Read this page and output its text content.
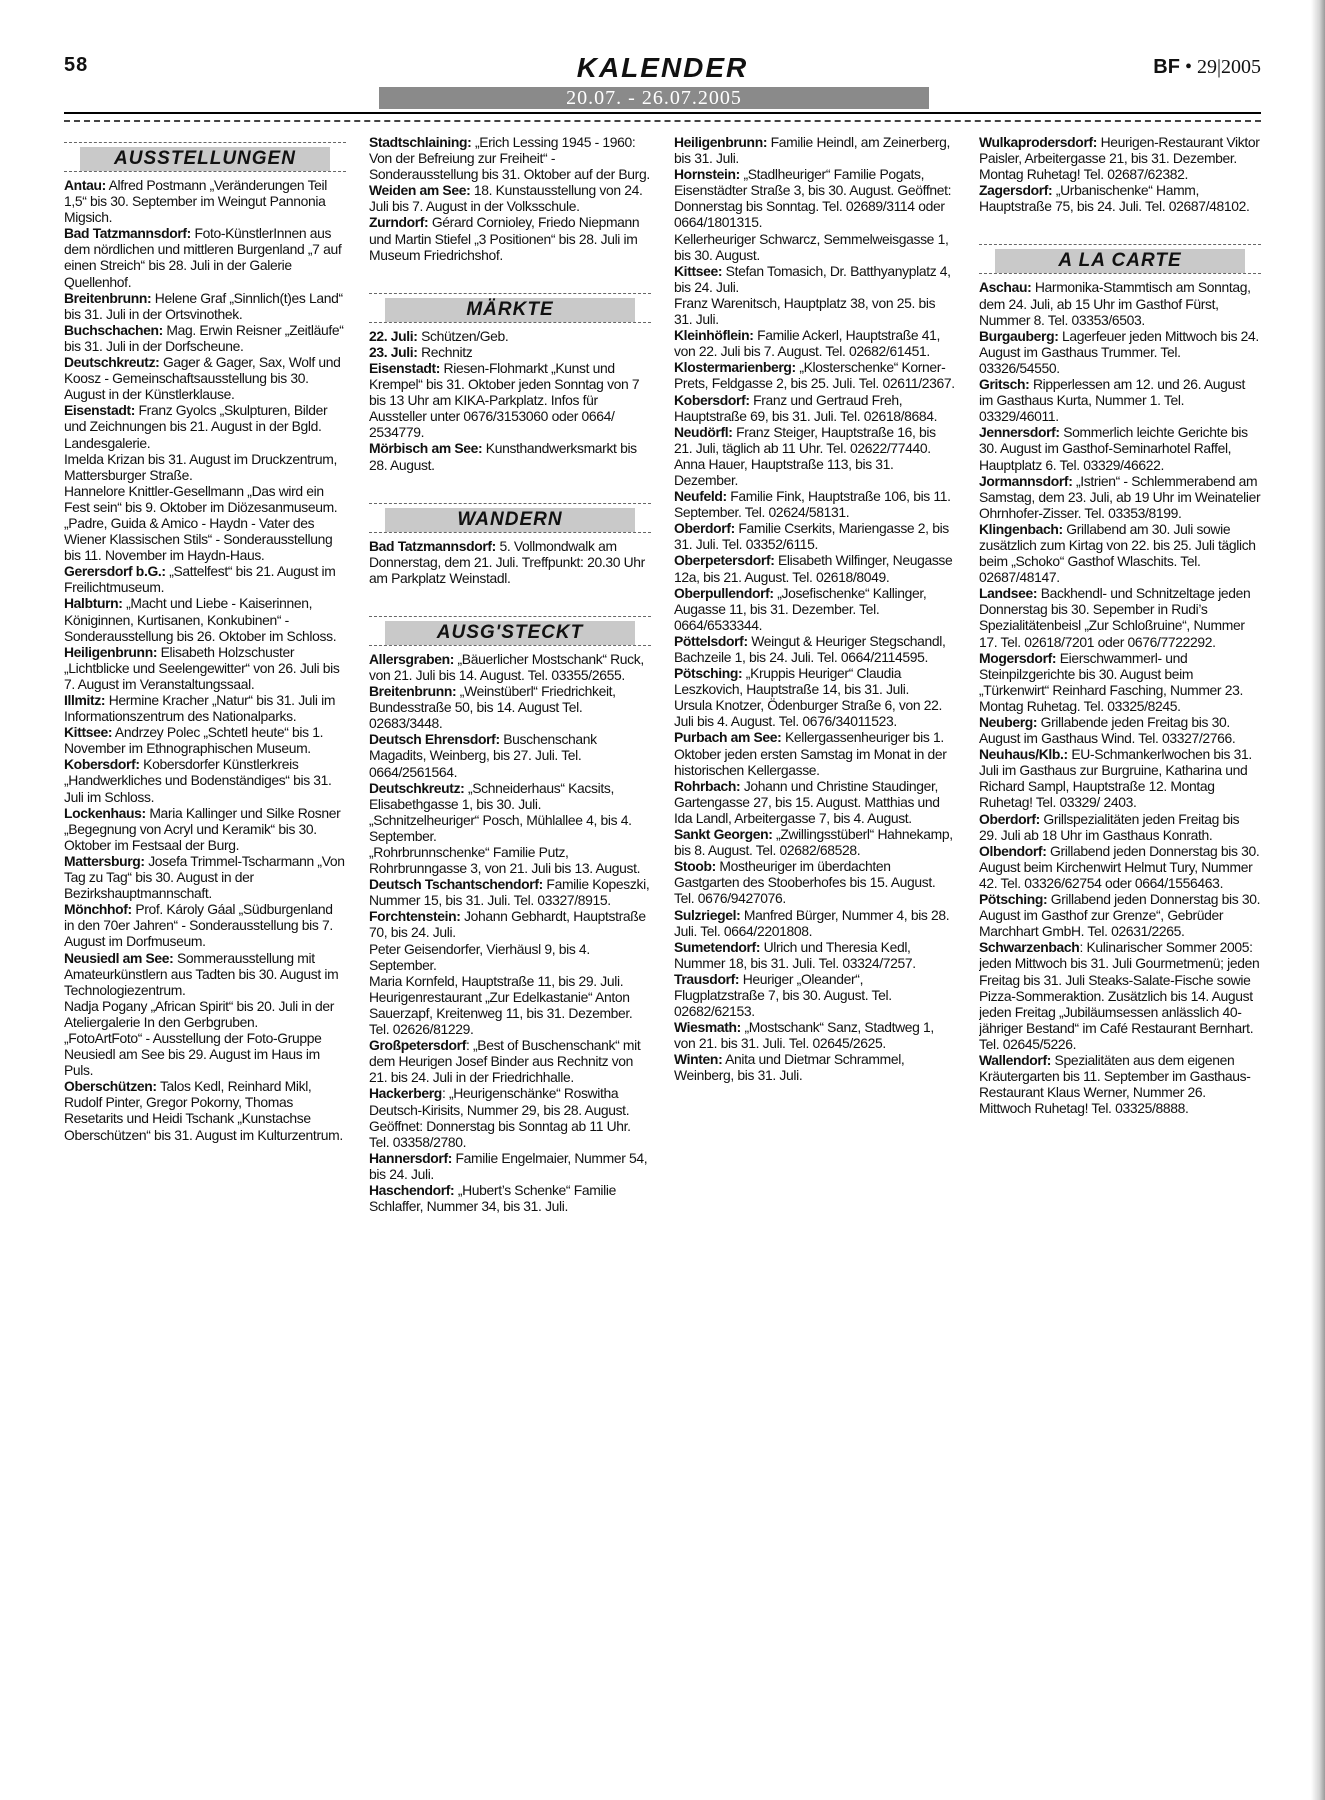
58	KALENDER	BF • 29|2005
20.07. - 26.07.2005
AUSSTELLUNGEN

Antau: Alfred Postmann „Veränderungen Teil 1,5“ bis 30. September im Weingut Pannonia Migsich.

Bad Tatzmannsdorf: Foto-KünstlerInnen aus dem nördlichen und mittleren Burgenland „7 auf einen Streich“ bis 28. Juli in der Galerie Quellenhof.

Breitenbrunn: Helene Graf „Sinnlich(t)es Land“ bis 31. Juli in der Ortsvinothek.

Buchschachen: Mag. Erwin Reisner „Zeitläufe“ bis 31. Juli in der Dorfscheune.

Deutschkreutz: Gager & Gager, Sax, Wolf und Koosz - Gemeinschaftsausstellung bis 30. August in der Künstlerklause.

Eisenstadt: Franz Gyolcs „Skulpturen, Bilder und Zeichnungen bis 21. August in der Bgld. Landesgalerie.

Imelda Krizan bis 31. August im Druckzentrum, Mattersburger Straße.

Hannelore Knittler-Gesellmann „Das wird ein Fest sein“ bis 9. Oktober im Diözesanmuseum.

„Padre, Guida & Amico - Haydn - Vater des Wiener Klassischen Stils“ - Sonderausstellung bis 11. November im Haydn-Haus.

Gerersdorf b.G.: „Sattelfest“ bis 21. August im Freilichtmuseum.

Halbturn: „Macht und Liebe - Kaiserinnen, Königinnen, Kurtisanen, Konkubinen“ - Sonderausstellung bis 26. Oktober im Schloss.

Heiligenbrunn: Elisabeth Holzschuster „Lichtblicke und Seelengewitter“ von 26. Juli bis 7. August im Veranstaltungssaal.

Illmitz: Hermine Kracher „Natur“ bis 31. Juli im Informationszentrum des Nationalparks.

Kittsee: Andrzey Polec „Schtetl heute“ bis 1. November im Ethnographischen Museum.

Kobersdorf: Kobersdorfer Künstlerkreis „Handwerkliches und Bodenständiges“ bis 31. Juli im Schloss.

Lockenhaus: Maria Kallinger und Silke Rosner „Begegnung von Acryl und Keramik“ bis 30. Oktober im Festsaal der Burg.

Mattersburg: Josefa Trimmel-Tscharmann „Von Tag zu Tag“ bis 30. August in der Bezirkshauptmannschaft.

Mönchhof: Prof. Károly Gáal „Südburgenland in den 70er Jahren“ - Sonderausstellung bis 7. August im Dorfmuseum.

Neusiedl am See: Sommerausstellung mit Amateurkünstlern aus Tadten bis 30. August im Technologiezentrum.

Nadja Pogany „African Spirit“ bis 20. Juli in der Ateliergalerie In den Gerbgruben.

„FotoArtFoto“ - Ausstellung der Foto-Gruppe Neusiedl am See bis 29. August im Haus im Puls.

Oberschützen: Talos Kedl, Reinhard Mikl, Rudolf Pinter, Gregor Pokorny, Thomas Resetarits und Heidi Tschank „Kunstachse Oberschützen“ bis 31. August im Kulturzentrum.

Stadtschlaining: „Erich Lessing 1945 - 1960: Von der Befreiung zur Freiheit“ - Sonderausstellung bis 31. Oktober auf der Burg.

Weiden am See: 18. Kunstausstellung von 24. Juli bis 7. August in der Volksschule.

Zurndorf: Gérard Cornioley, Friedo Niepmann und Martin Stiefel „3 Positionen“ bis 28. Juli im Museum Friedrichshof.

MÄRKTE

22. Juli: Schützen/Geb.

23. Juli: Rechnitz

Eisenstadt: Riesen-Flohmarkt „Kunst und Krempel“ bis 31. Oktober jeden Sonntag von 7 bis 13 Uhr am KIKA-Parkplatz. Infos für Aussteller unter 0676/3153060 oder 0664/ 2534779.

Mörbisch am See: Kunsthandwerksmarkt bis 28. August.

WANDERN

Bad Tatzmannsdorf: 5. Vollmondwalk am Donnerstag, dem 21. Juli. Treffpunkt: 20.30 Uhr am Parkplatz Weinstadl.

AUSG'STECKT

Allersgraben: „Bäuerlicher Mostschank“ Ruck, von 21. Juli bis 14. August. Tel. 03355/2655.

Breitenbrunn: „Weinstüberl“ Friedrichkeit, Bundesstraße 50, bis 14. August Tel. 02683/3448.

Deutsch Ehrensdorf: Buschenschank Magadits, Weinberg, bis 27. Juli. Tel. 0664/2561564.

Deutschkreutz: „Schneiderhaus“ Kacsits, Elisabethgasse 1, bis 30. Juli. „Schnitzelheuriger“ Posch, Mühlallee 4, bis 4. September.

„Rohrbrunnschenke“ Familie Putz, Rohrbrunngasse 3, von 21. Juli bis 13. August.

Deutsch Tschantschendorf: Familie Kopeszki, Nummer 15, bis 31. Juli. Tel. 03327/8915.

Forchtenstein: Johann Gebhardt, Hauptstraße 70, bis 24. Juli.

Peter Geisendorfer, Vierhäusl 9, bis 4. September.

Maria Kornfeld, Hauptstraße 11, bis 29. Juli.

Heurigenrestaurant „Zur Edelkastanie“ Anton Sauerzapf, Kreitenweg 11, bis 31. Dezember. Tel. 02626/81229.

Großpetersdorf: „Best of Buschenschank“ mit dem Heurigen Josef Binder aus Rechnitz von 21. bis 24. Juli in der Friedrichhalle.

Hackerberg: „Heurigenschänke“ Roswitha Deutsch-Kirisits, Nummer 29, bis 28. August. Geöffnet: Donnerstag bis Sonntag ab 11 Uhr. Tel. 03358/2780.

Hannersdorf: Familie Engelmaier, Nummer 54, bis 24. Juli.

Haschendorf: „Hubert’s Schenke“ Familie Schlaffer, Nummer 34, bis 31. Juli.

Heiligenbrunn: Familie Heindl, am Zeinerberg, bis 31. Juli.

Hornstein: „Stadlheuriger“ Familie Pogats, Eisenstädter Straße 3, bis 30. August. Geöffnet: Donnerstag bis Sonntag. Tel. 02689/3114 oder 0664/1801315.

Kellerheuriger Schwarcz, Semmelweisgasse 1, bis 30. August.

Kittsee: Stefan Tomasich, Dr. Batthyanyplatz 4, bis 24. Juli.

Franz Warenitsch, Hauptplatz 38, von 25. bis 31. Juli.

Kleinhöflein: Familie Ackerl, Hauptstraße 41, von 22. Juli bis 7. August. Tel. 02682/61451.

Klostermarienberg: „Klosterschenke“ Korner-Prets, Feldgasse 2, bis 25. Juli. Tel. 02611/2367.

Kobersdorf: Franz und Gertraud Freh, Hauptstraße 69, bis 31. Juli. Tel. 02618/8684.

Neudörfl: Franz Steiger, Hauptstraße 16, bis 21. Juli, täglich ab 11 Uhr. Tel. 02622/77440.

Anna Hauer, Hauptstraße 113, bis 31. Dezember.

Neufeld: Familie Fink, Hauptstraße 106, bis 11. September. Tel. 02624/58131.

Oberdorf: Familie Cserkits, Mariengasse 2, bis 31. Juli. Tel. 03352/6115.

Oberpetersdorf: Elisabeth Wilfinger, Neugasse 12a, bis 21. August. Tel. 02618/8049.

Oberpullendorf: „Josefischenke“ Kallinger, Augasse 11, bis 31. Dezember. Tel. 0664/6533344.

Pöttelsdorf: Weingut & Heuriger Stegschandl, Bachzeile 1, bis 24. Juli. Tel. 0664/2114595.

Pötsching: „Kruppis Heuriger“ Claudia Leszkovich, Hauptstraße 14, bis 31. Juli.

Ursula Knotzer, Ödenburger Straße 6, von 22. Juli bis 4. August. Tel. 0676/34011523.

Purbach am See: Kellergassenheuriger bis 1. Oktober jeden ersten Samstag im Monat in der historischen Kellergasse.

Rohrbach: Johann und Christine Staudinger, Gartengasse 27, bis 15. August. Matthias und Ida Landl, Arbeitergasse 7, bis 4. August.

Sankt Georgen: „Zwillingsstüberl“ Hahnekamp, bis 8. August. Tel. 02682/68528.

Stoob: Mostheuriger im überdachten Gastgarten des Stooberhofes bis 15. August. Tel. 0676/9427076.

Sulzriegel: Manfred Bürger, Nummer 4, bis 28. Juli. Tel. 0664/2201808.

Sumetendorf: Ulrich und Theresia Kedl, Nummer 18, bis 31. Juli. Tel. 03324/7257.

Trausdorf: Heuriger „Oleander“, Flugplatzstraße 7, bis 30. August. Tel. 02682/62153.

Wiesmath: „Mostschank“ Sanz, Stadtweg 1, von 21. bis 31. Juli. Tel. 02645/2625.

Winten: Anita und Dietmar Schrammel, Weinberg, bis 31. Juli.

Wulkaprodersdorf: Heurigen-Restaurant Viktor Paisler, Arbeitergasse 21, bis 31. Dezember. Montag Ruhetag! Tel. 02687/62382.

Zagersdorf: „Urbanischenke“ Hamm, Hauptstraße 75, bis 24. Juli. Tel. 02687/48102.

A LA CARTE

Aschau: Harmonika-Stammtisch am Sonntag, dem 24. Juli, ab 15 Uhr im Gasthof Fürst, Nummer 8. Tel. 03353/6503.

Burgauberg: Lagerfeuer jeden Mittwoch bis 24. August im Gasthaus Trummer. Tel. 03326/54550.

Gritsch: Ripperlessen am 12. und 26. August im Gasthaus Kurta, Nummer 1. Tel. 03329/46011.

Jennersdorf: Sommerlich leichte Gerichte bis 30. August im Gasthof-Seminarhotel Raffel, Hauptplatz 6. Tel. 03329/46622.

Jormannsdorf: „Istrien“ - Schlemmerabend am Samstag, dem 23. Juli, ab 19 Uhr im Weinatelier Ohrnhofer-Zisser. Tel. 03353/8199.

Klingenbach: Grillabend am 30. Juli sowie zusätzlich zum Kirtag von 22. bis 25. Juli täglich beim „Schoko“ Gasthof Wlaschits. Tel. 02687/48147.

Landsee: Backhendl- und Schnitzeltage jeden Donnerstag bis 30. Sepember in Rudi’s Spezialitätenbeisl „Zur Schloßruine“, Nummer 17. Tel. 02618/7201 oder 0676/7722292.

Mogersdorf: Eierschwammerl- und Steinpilzgerichte bis 30. August beim „Türkenwirt“ Reinhard Fasching, Nummer 23. Montag Ruhetag. Tel. 03325/8245.

Neuberg: Grillabende jeden Freitag bis 30. August im Gasthaus Wind. Tel. 03327/2766.

Neuhaus/Klb.: EU-Schmankerlwochen bis 31. Juli im Gasthaus zur Burgruine, Katharina und Richard Sampl, Hauptstraße 12. Montag Ruhetag! Tel. 03329/ 2403.

Oberdorf: Grillspezialitäten jeden Freitag bis 29. Juli ab 18 Uhr im Gasthaus Konrath.

Olbendorf: Grillabend jeden Donnerstag bis 30. August beim Kirchenwirt Helmut Tury, Nummer 42. Tel. 03326/62754 oder 0664/1556463.

Pötsching: Grillabend jeden Donnerstag bis 30. August im Gasthof zur Grenze“, Gebrüder Marchhart GmbH. Tel. 02631/2265.

Schwarzenbach: Kulinarischer Sommer 2005: jeden Mittwoch bis 31. Juli Gourmetmenü; jeden Freitag bis 31. Juli Steaks-Salate-Fische sowie Pizza-Sommeraktion. Zusätzlich bis 14. August jeden Freitag „Jubiläumsessen anlässlich 40-jähriger Bestand“ im Café Restaurant Bernhart. Tel. 02645/5226.

Wallendorf: Spezialitäten aus dem eigenen Kräutergarten bis 11. September im Gasthaus-Restaurant Klaus Werner, Nummer 26. Mittwoch Ruhetag! Tel. 03325/8888.
